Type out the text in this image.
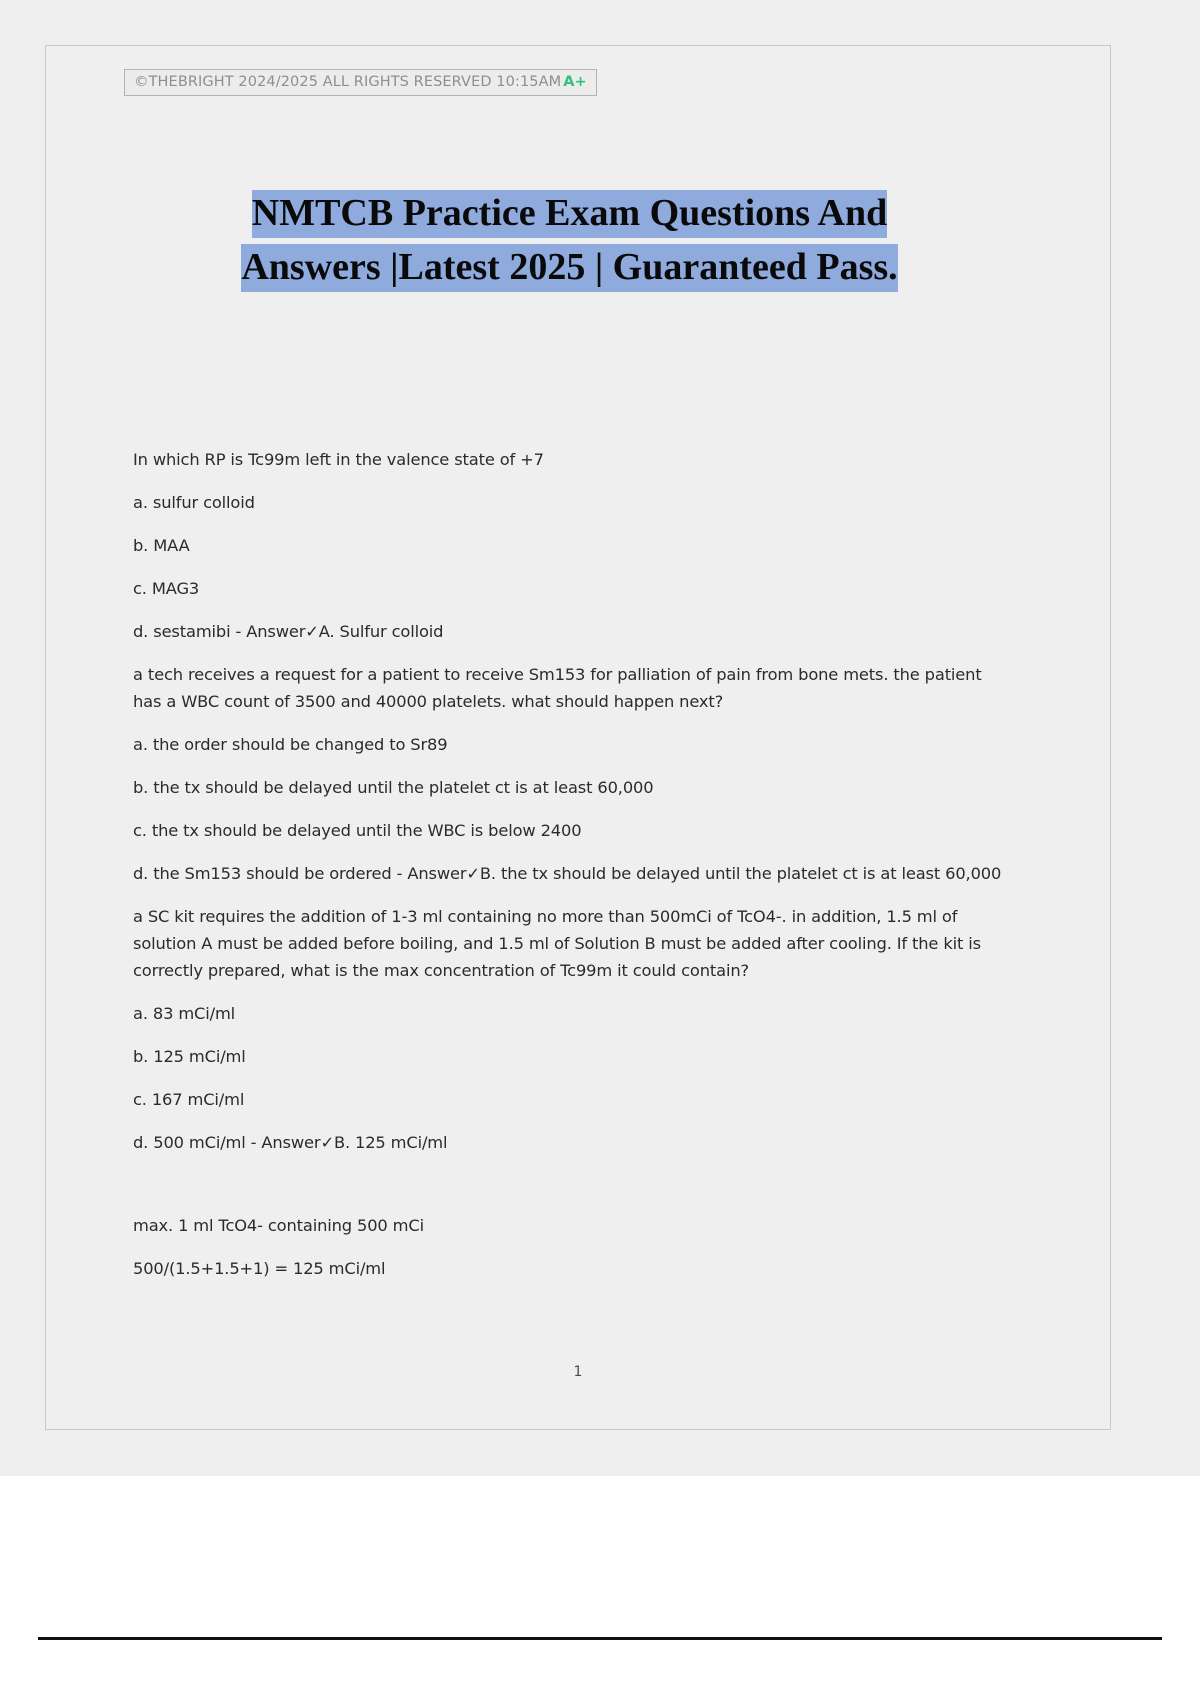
©THEBRIGHT 2024/2025 ALL RIGHTS RESERVED 10:15AM A+
NMTCB Practice Exam Questions And
Answers |Latest 2025 | Guaranteed Pass.

In which RP is Tc99m left in the valence state of +7

a. sulfur colloid

b. MAA

c. MAG3

d. sestamibi - Answer✓A. Sulfur colloid

a tech receives a request for a patient to receive Sm153 for palliation of pain from bone mets. the patient has a WBC count of 3500 and 40000 platelets. what should happen next?

a. the order should be changed to Sr89

b. the tx should be delayed until the platelet ct is at least 60,000

c. the tx should be delayed until the WBC is below 2400

d. the Sm153 should be ordered - Answer✓B. the tx should be delayed until the platelet ct is at least 60,000

a SC kit requires the addition of 1-3 ml containing no more than 500mCi of TcO4-. in addition, 1.5 ml of solution A must be added before boiling, and 1.5 ml of Solution B must be added after cooling. If the kit is correctly prepared, what is the max concentration of Tc99m it could contain?

a. 83 mCi/ml

b. 125 mCi/ml

c. 167 mCi/ml

d. 500 mCi/ml - Answer✓B. 125 mCi/ml

max. 1 ml TcO4- containing 500 mCi

500/(1.5+1.5+1) = 125 mCi/ml

1
